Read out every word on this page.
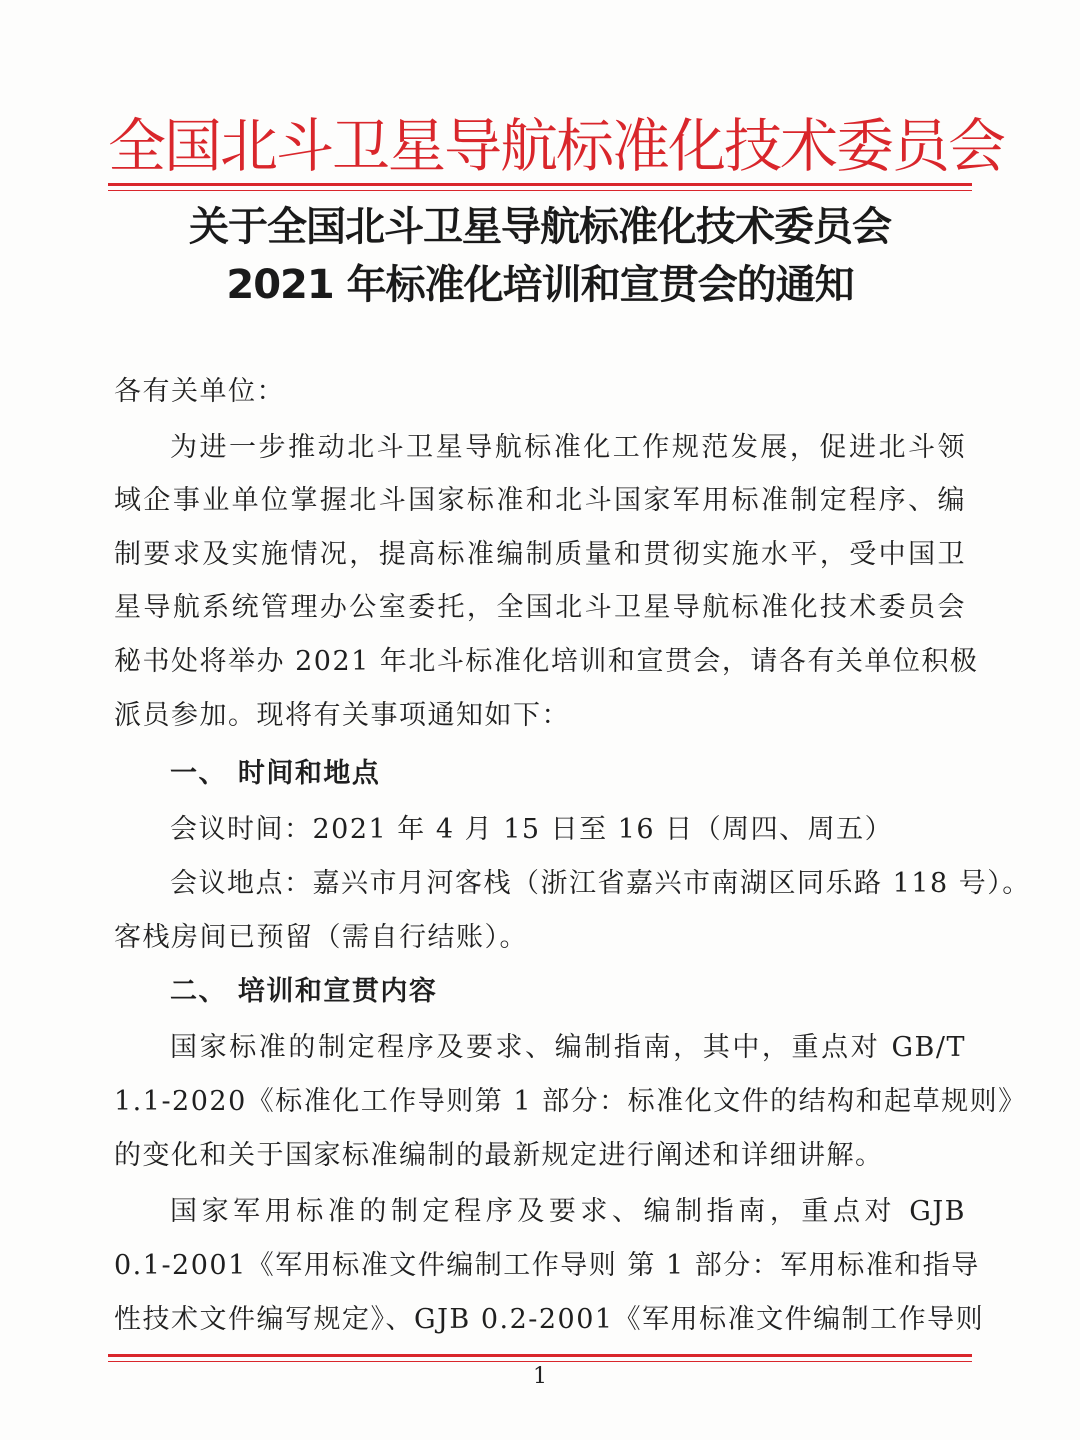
全国北斗卫星导航标准化技术委员会
关于全国北斗卫星导航标准化技术委员会
2021 年标准化培训和宣贯会的通知
各有关单位：
为进一步推动北斗卫星导航标准化工作规范发展，促进北斗领
域企事业单位掌握北斗国家标准和北斗国家军用标准制定程序、编
制要求及实施情况，提高标准编制质量和贯彻实施水平，受中国卫
星导航系统管理办公室委托，全国北斗卫星导航标准化技术委员会
秘书处将举办 2021 年北斗标准化培训和宣贯会，请各有关单位积极
派员参加。现将有关事项通知如下：
一、 时间和地点
会议时间：2021 年 4 月 15 日至 16 日（周四、周五）
会议地点：嘉兴市月河客栈（浙江省嘉兴市南湖区同乐路 118 号）。
客栈房间已预留（需自行结账）。
二、 培训和宣贯内容
国家标准的制定程序及要求、编制指南，其中，重点对 GB/T
1.1-2020《标准化工作导则第 1 部分：标准化文件的结构和起草规则》
的变化和关于国家标准编制的最新规定进行阐述和详细讲解。
国家军用标准的制定程序及要求、编制指南，重点对 GJB
0.1-2001《军用标准文件编制工作导则 第 1 部分：军用标准和指导
性技术文件编写规定》、GJB 0.2-2001《军用标准文件编制工作导则
1
